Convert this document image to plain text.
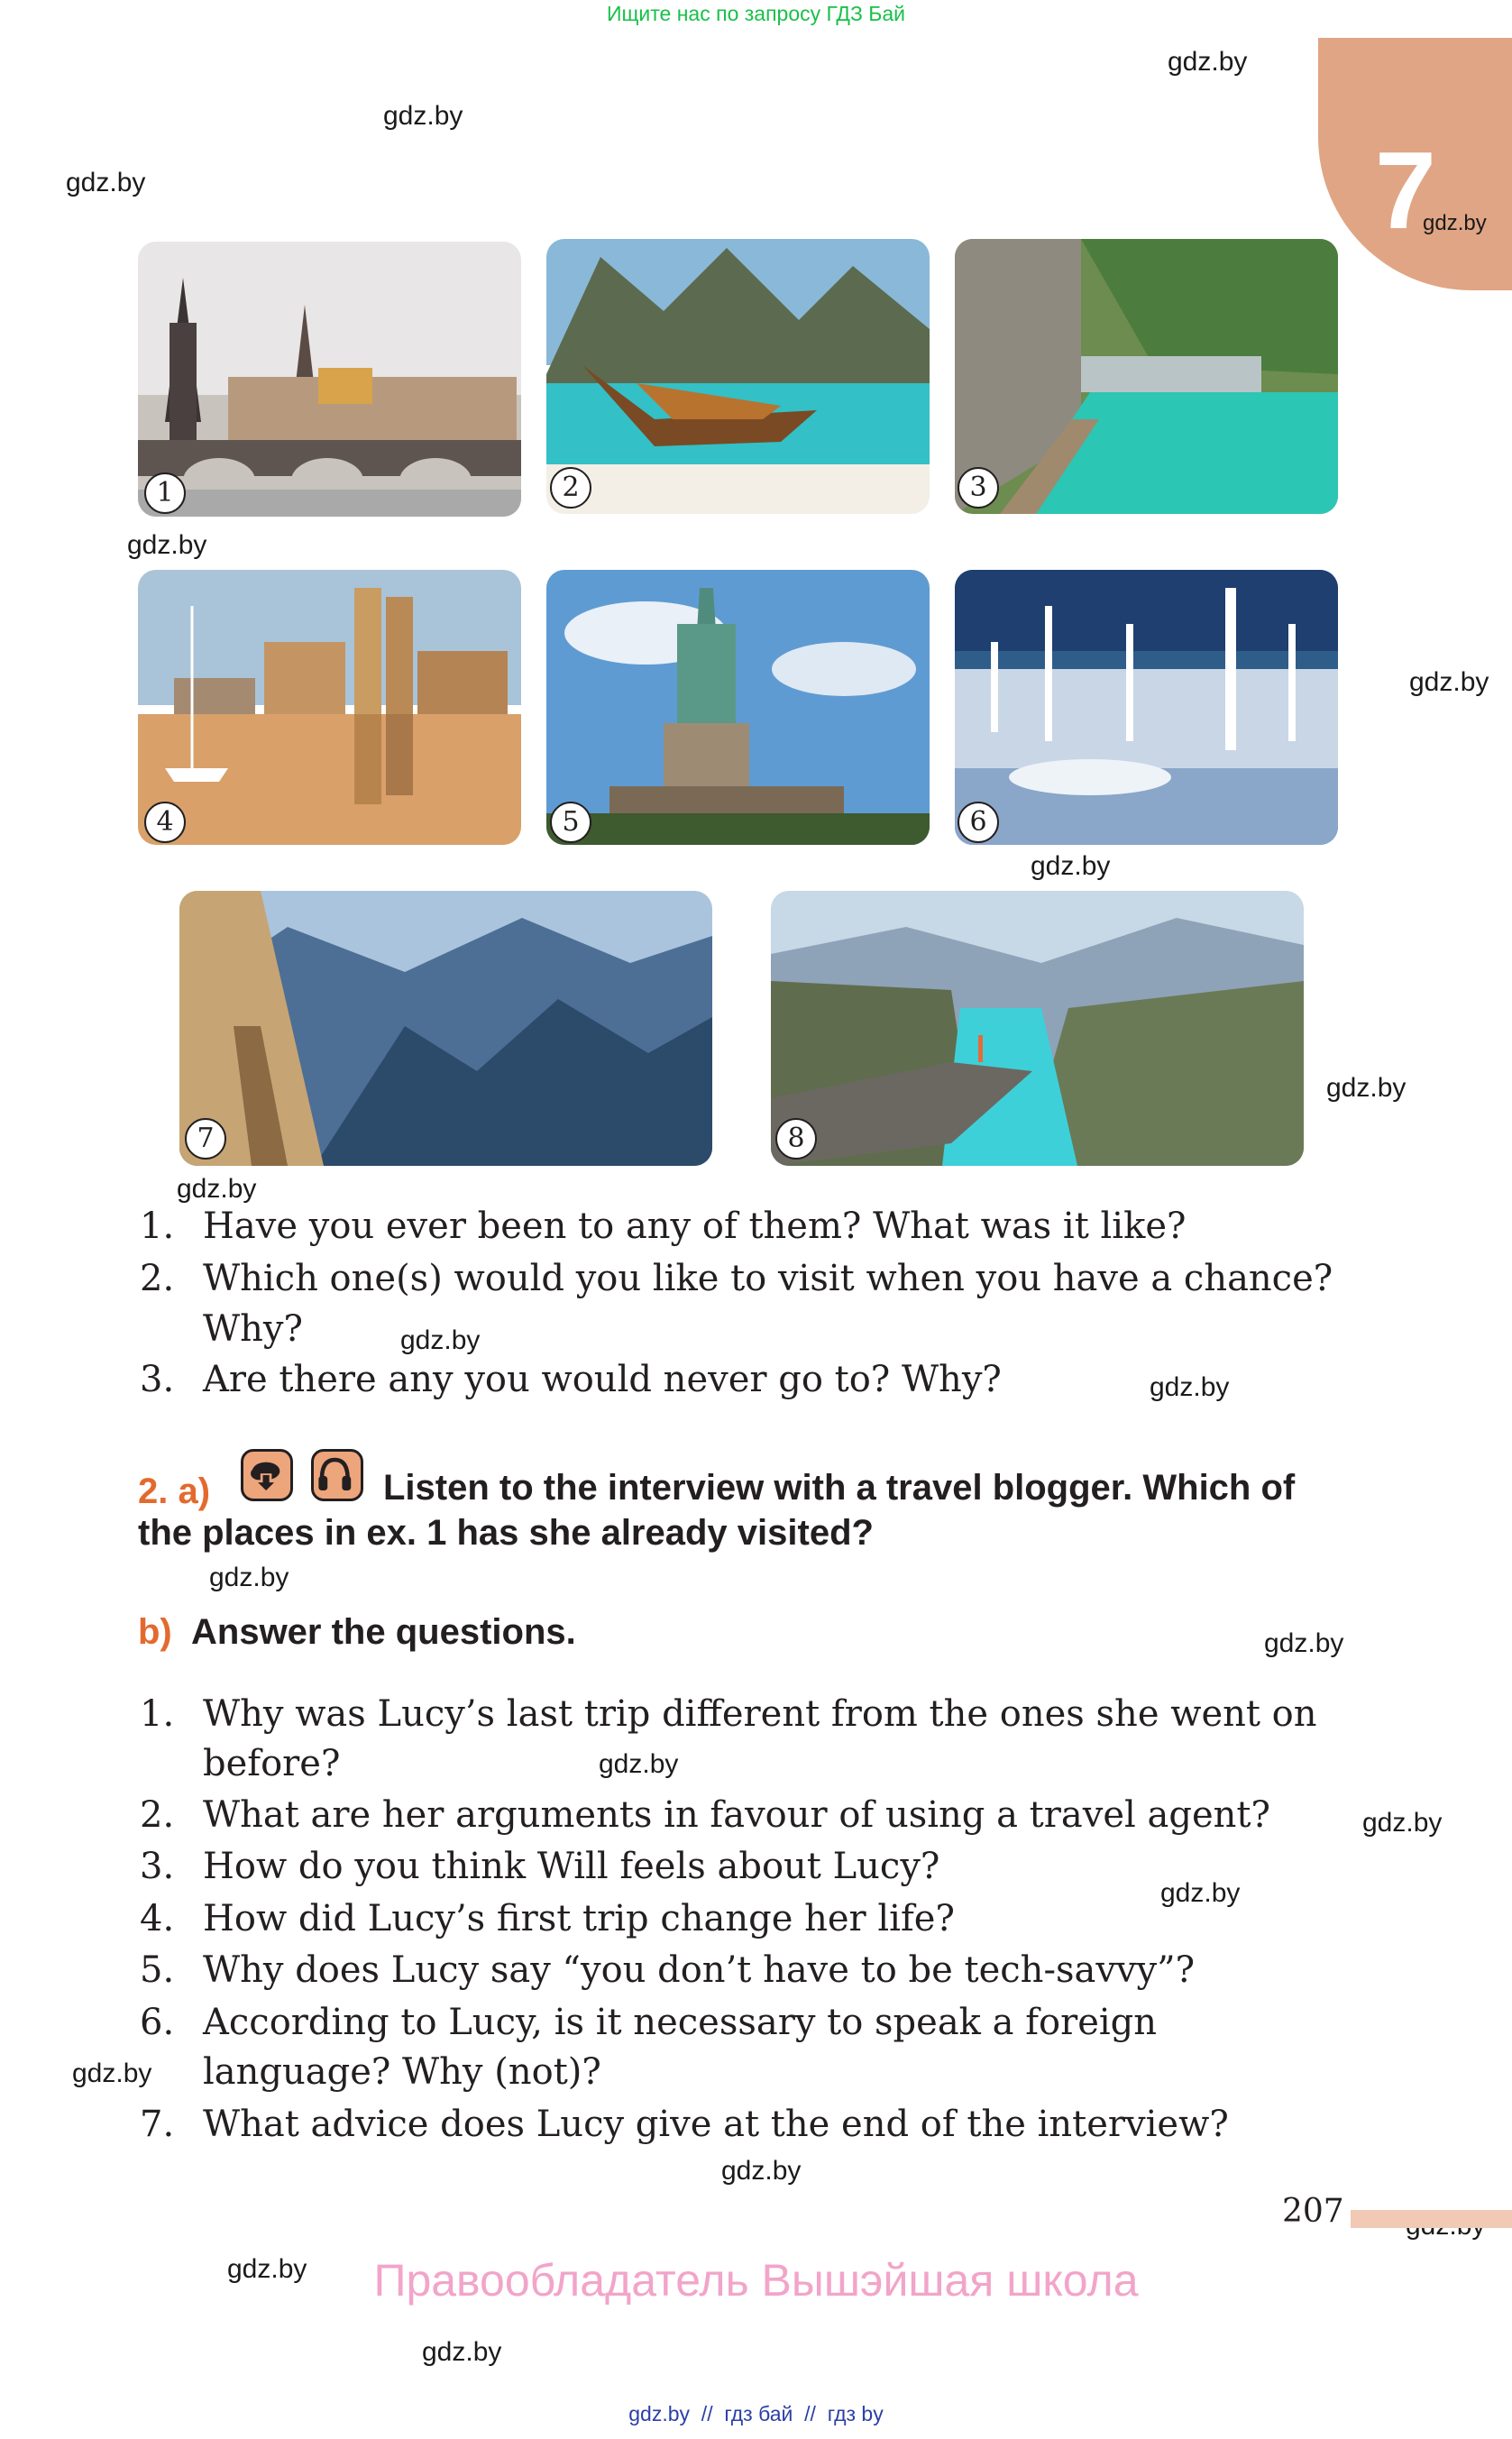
Ищите нас по запросу ГДЗ Бай
7
gdz.by
gdz.by
gdz.by
gdz.by
gdz.by
gdz.by
gdz.by
gdz.by
gdz.by
gdz.by
gdz.by
gdz.by
gdz.by
gdz.by
gdz.by
gdz.by
gdz.by
gdz.by
gdz.by
gdz.by
1	2	3
4	5	6
7	8
1. Have you ever been to any of them? What was it like?
2. Which one(s) would you like to visit when you have a chance?
Why?
3. Are there any you would never go to? Why?
2. a)	Listen to the interview with a travel blogger. Which of
the places in ex. 1 has she already visited?
b) Answer the questions.
1. Why was Lucy’s last trip different from the ones she went on
before?
2. What are her arguments in favour of using a travel agent?
3. How do you think Will feels about Lucy?
4. How did Lucy’s first trip change her life?
5. Why does Lucy say “you don’t have to be tech-savvy”?
6. According to Lucy, is it necessary to speak a foreign
language? Why (not)?
7. What advice does Lucy give at the end of the interview?
207
Правообладатель Вышэйшая школа
gdz.by  //  гдз бай  //  гдз by
